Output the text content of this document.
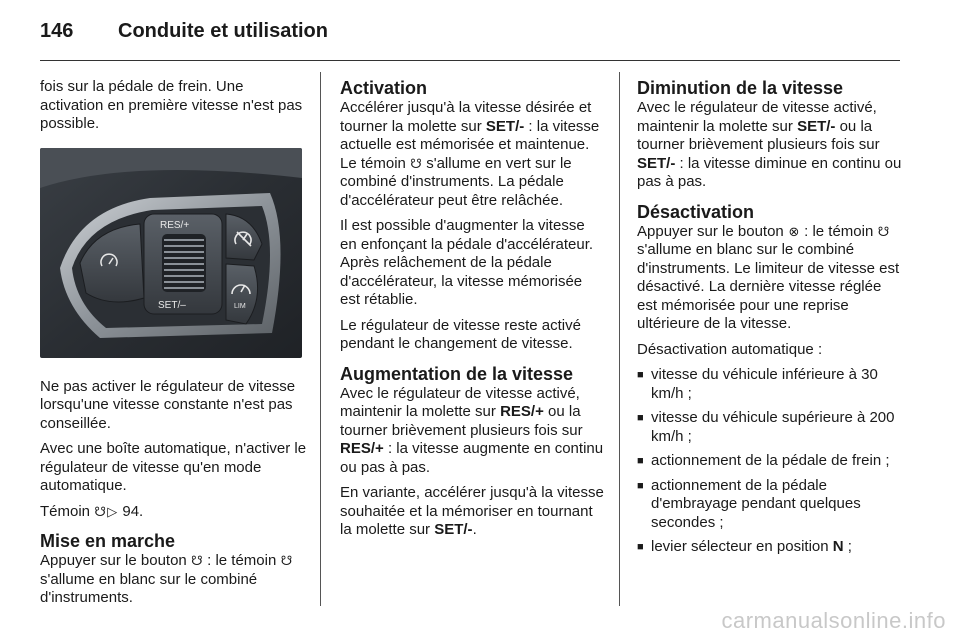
146 Conduite et utilisation

fois sur la pédale de frein. Une activation en première vitesse n'est pas possible.

RES/+
SET/–	LIM

Ne pas activer le régulateur de vitesse lorsqu'une vitesse constante n'est pas conseillée.

Avec une boîte automatique, n'activer le régulateur de vitesse qu'en mode automatique.

Témoin ☋▷ 94.

Mise en marche

Appuyer sur le bouton ☋ : le témoin ☋ s'allume en blanc sur le combiné d'instruments.

Activation

Accélérer jusqu'à la vitesse désirée et tourner la molette sur SET/- : la vitesse actuelle est mémorisée et maintenue. Le témoin ☋ s'allume en vert sur le combiné d'instruments. La pédale d'accélérateur peut être relâchée.

Il est possible d'augmenter la vitesse en enfonçant la pédale d'accélérateur. Après relâchement de la pédale d'accélérateur, la vitesse mémorisée est rétablie.

Le régulateur de vitesse reste activé pendant le changement de vitesse.

Augmentation de la vitesse

Avec le régulateur de vitesse activé, maintenir la molette sur RES/+ ou la tourner brièvement plusieurs fois sur RES/+ : la vitesse augmente en continu ou pas à pas.

En variante, accélérer jusqu'à la vitesse souhaitée et la mémoriser en tournant la molette sur SET/-.

Diminution de la vitesse

Avec le régulateur de vitesse activé, maintenir la molette sur SET/- ou la tourner brièvement plusieurs fois sur SET/- : la vitesse diminue en continu ou pas à pas.

Désactivation

Appuyer sur le bouton ⊗ : le témoin ☋ s'allume en blanc sur le combiné d'instruments. Le limiteur de vitesse est désactivé. La dernière vitesse réglée est mémorisée pour une reprise ultérieure de la vitesse.

Désactivation automatique :

■ vitesse du véhicule inférieure à 30 km/h ;
■ vitesse du véhicule supérieure à 200 km/h ;
■ actionnement de la pédale de frein ;
■ actionnement de la pédale d'embrayage pendant quelques secondes ;
■ levier sélecteur en position N ;
carmanualsonline.info
